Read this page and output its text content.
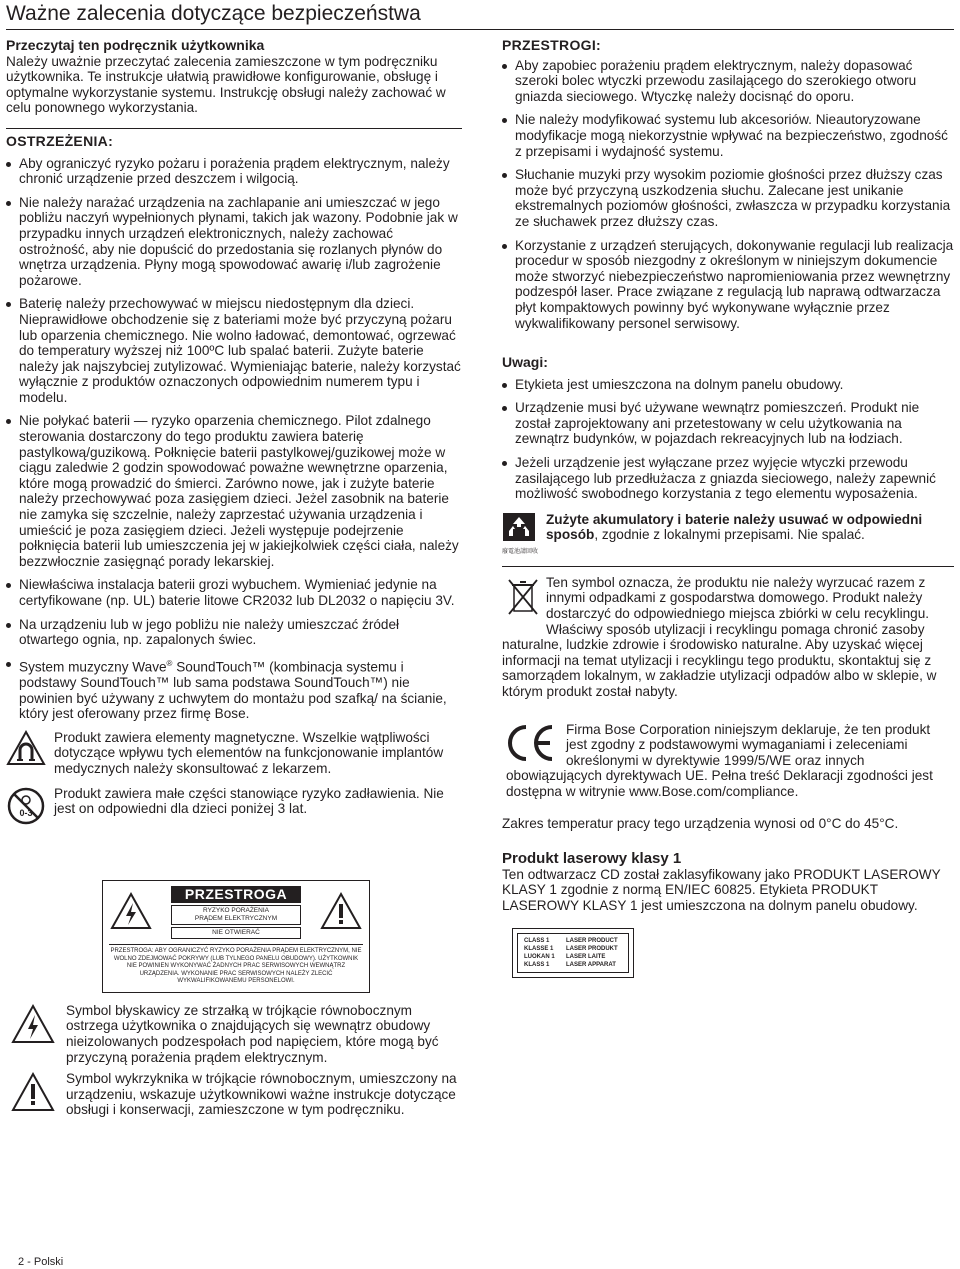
Ważne zalecenia dotyczące bezpieczeństwa

Przeczytaj ten podręcznik użytkownika

Należy uważnie przeczytać zalecenia zamieszczone w tym podręczniku użytkownika. Te instrukcje ułatwią prawidłowe konfigurowanie, obsługę i optymalne wykorzystanie systemu. Instrukcję obsługi należy zachować w celu ponownego wykorzystania.

OSTRZEŻENIA:
Aby ograniczyć ryzyko pożaru i porażenia prądem elektrycznym, należy chronić urządzenie przed deszczem i wilgocią.
Nie należy narażać urządzenia na zachlapanie ani umieszczać w jego pobliżu naczyń wypełnionych płynami, takich jak wazony. Podobnie jak w przypadku innych urządzeń elektronicznych, należy zachować ostrożność, aby nie dopuścić do przedostania się rozlanych płynów do wnętrza urządzenia. Płyny mogą spowodować awarię i/lub zagrożenie pożarowe.
Baterię należy przechowywać w miejscu niedostępnym dla dzieci. Nieprawidłowe obchodzenie się z bateriami może być przyczyną pożaru lub oparzenia chemicznego. Nie wolno ładować, demontować, ogrzewać do temperatury wyższej niż 100ºC lub spalać baterii. Zużyte baterie należy jak najszybciej zutylizować. Wymieniając baterie, należy korzystać wyłącznie z produktów oznaczonych odpowiednim numerem typu i modelu.
Nie połykać baterii — ryzyko oparzenia chemicznego. Pilot zdalnego sterowania dostarczony do tego produktu zawiera baterię pastylkową/guzikową. Połknięcie baterii pastylkowej/guzikowej może w ciągu zaledwie 2 godzin spowodować poważne wewnętrzne oparzenia, które mogą prowadzić do śmierci. Zarówno nowe, jak i zużyte baterie należy przechowywać poza zasięgiem dzieci. Jeżel zasobnik na baterie nie zamyka się szczelnie, należy zaprzestać używania urządzenia i umieścić je poza zasięgiem dzieci. Jeżeli występuje podejrzenie połknięcia baterii lub umieszczenia jej w jakiejkolwiek części ciała, należy bezzwłocznie zasięgnąć porady lekarskiej.
Niewłaściwa instalacja baterii grozi wybuchem. Wymieniać jedynie na certyfikowane (np. UL) baterie litowe CR2032 lub DL2032 o napięciu 3V.
Na urządzeniu lub w jego pobliżu nie należy umieszczać źródeł otwartego ognia, np. zapalonych świec.
System muzyczny Wave® SoundTouch™ (kombinacja systemu i podstawy SoundTouch™ lub sama podstawa SoundTouch™) nie powinien być używany z uchwytem do montażu pod szafką/ na ścianie, który jest oferowany przez firmę Bose.

Produkt zawiera elementy magnetyczne. Wszelkie wątpliwości dotyczące wpływu tych elementów na funkcjonowanie implantów medycznych należy skonsultować z lekarzem.

0-3

Produkt zawiera małe części stanowiące ryzyko zadławienia. Nie jest on odpowiedni dla dzieci poniżej 3 lat.

PRZESTROGA
RYZYKO PORAŻENIA
PRĄDEM ELEKTRYCZNYM
NIE OTWIERAĆ
PRZESTROGA: ABY OGRANICZYĆ RYZYKO PORAŻENIA PRĄDEM ELEKTRYCZNYM, NIE WOLNO ZDEJMOWAĆ POKRYWY (LUB TYLNEGO PANELU OBUDOWY). UŻYTKOWNIK NIE POWINIEN WYKONYWAĆ ŻADNYCH PRAC SERWISOWYCH WEWNĄTRZ URZĄDZENIA. WYKONANIE PRAC SERWISOWYCH NALEŻY ZLECIĆ WYKWALIFIKOWANEMU PERSONELOWI.

Symbol błyskawicy ze strzałką w trójkącie równobocznym ostrzega użytkownika o znajdujących się wewnątrz obudowy nieizolowanych podzespołach pod napięciem, które mogą być przyczyną porażenia prądem elektrycznym.

Symbol wykrzyknika w trójkącie równobocznym, umieszczony na urządzeniu, wskazuje użytkownikowi ważne instrukcje dotyczące obsługi i konserwacji, zamieszczone w tym podręczniku.

PRZESTROGI:

Aby zapobiec porażeniu prądem elektrycznym, należy dopasować szeroki bolec wtyczki przewodu zasilającego do szerokiego otworu gniazda sieciowego. Wtyczkę należy docisnąć do oporu.
Nie należy modyfikować systemu lub akcesoriów. Nieautoryzowane modyfikacje mogą niekorzystnie wpływać na bezpieczeństwo, zgodność z przepisami i wydajność systemu.
Słuchanie muzyki przy wysokim poziomie głośności przez dłuższy czas może być przyczyną uszkodzenia słuchu. Zalecane jest unikanie ekstremalnych poziomów głośności, zwłaszcza w przypadku korzystania ze słuchawek przez dłuższy czas.
Korzystanie z urządzeń sterujących, dokonywanie regulacji lub realizacja procedur w sposób niezgodny z określonym w niniejszym dokumencie może stworzyć niebezpieczeństwo napromieniowania przez wewnętrzny podzespół laser. Prace związane z regulacją lub naprawą odtwarzacza płyt kompaktowych powinny być wykonywane wyłącznie przez wykwalifikowany personel serwisowy.
Uwagi:
Etykieta jest umieszczona na dolnym panelu obudowy.
Urządzenie musi być używane wewnątrz pomieszczeń. Produkt nie został zaprojektowany ani przetestowany w celu użytkowania na zewnątrz budynków, w pojazdach rekreacyjnych lub na łodziach.
Jeżeli urządzenie jest wyłączane przez wyjęcie wtyczki przewodu zasilającego lub przedłużacza z gniazda sieciowego, należy zapewnić możliwość swobodnego korzystania z tego elementu wyposażenia.
廢電池請回收

Zużyte akumulatory i baterie należy usuwać w odpowiedni sposób, zgodnie z lokalnymi przepisami. Nie spalać.

Ten symbol oznacza, że produktu nie należy wyrzucać razem z innymi odpadkami z gospodarstwa domowego. Produkt należy dostarczyć do odpowiedniego miejsca zbiórki w celu recyklingu. Właściwy sposób utylizacji i recyklingu pomaga chronić zasoby naturalne, ludzkie zdrowie i środowisko naturalne. Aby uzyskać więcej informacji na temat utylizacji i recyklingu tego produktu, skontaktuj się z samorządem lokalnym, w zakładzie utylizacji odpadów albo w sklepie, w którym produkt został nabyty.

Firma Bose Corporation niniejszym deklaruje, że ten produkt jest zgodny z podstawowymi wymaganiami i zeleceniami określonymi w dyrektywie 1999/5/WE oraz innych obowiązujących dyrektywach UE. Pełna treść Deklaracji zgodności jest dostępna w witrynie www.Bose.com/compliance.

Zakres temperatur pracy tego urządzenia wynosi od 0°C do 45°C.

Produkt laserowy klasy 1

Ten odtwarzacz CD został zaklasyfikowany jako PRODUKT LASEROWY KLASY 1 zgodnie z normą EN/IEC 60825. Etykieta PRODUKT LASEROWY KLASY 1 jest umieszczona na dolnym panelu obudowy.

CLASS 1	LASER PRODUCT
KLASSE 1	LASER PRODUKT
LUOKAN 1	LASER LAITE
KLASS 1	LASER APPARAT
2 - Polski
